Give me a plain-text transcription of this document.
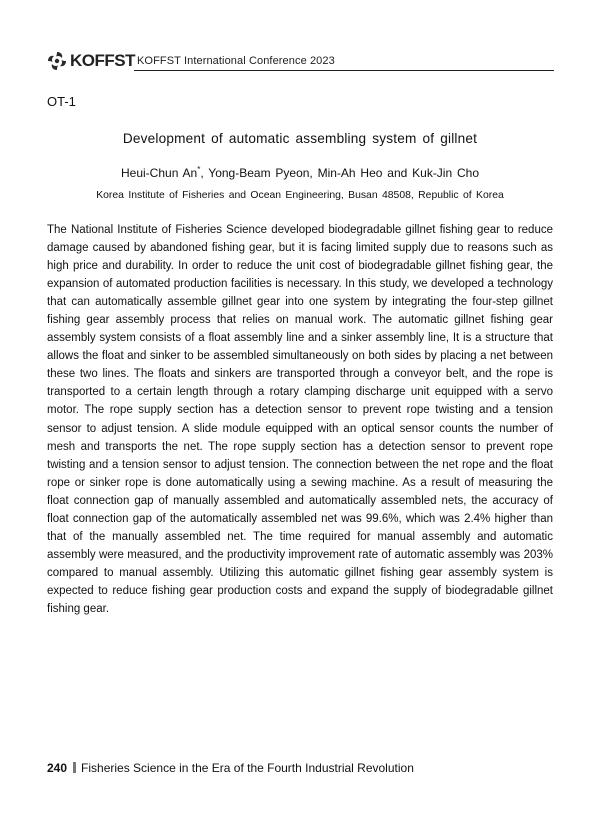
KOFFST KOFFST International Conference 2023
OT-1
Development of automatic assembling system of gillnet
Heui-Chun An*, Yong-Beam Pyeon, Min-Ah Heo and Kuk-Jin Cho
Korea Institute of Fisheries and Ocean Engineering, Busan 48508, Republic of Korea

The National Institute of Fisheries Science developed biodegradable gillnet fishing gear to reduce damage caused by abandoned fishing gear, but it is facing limited supply due to reasons such as high price and durability. In order to reduce the unit cost of biodegradable gillnet fishing gear, the expansion of automated production facilities is necessary. In this study, we developed a technology that can automatically assemble gillnet gear into one system by integrating the four-step gillnet fishing gear assembly process that relies on manual work. The automatic gillnet fishing gear assembly system consists of a float assembly line and a sinker assembly line, It is a structure that allows the float and sinker to be assembled simultaneously on both sides by placing a net between these two lines. The floats and sinkers are transported through a conveyor belt, and the rope is transported to a certain length through a rotary clamping discharge unit equipped with a servo motor. The rope supply section has a detection sensor to prevent rope twisting and a tension sensor to adjust tension. A slide module equipped with an optical sensor counts the number of mesh and transports the net. The rope supply section has a detection sensor to prevent rope twisting and a tension sensor to adjust tension. The connection between the net rope and the float rope or sinker rope is done automatically using a sewing machine. As a result of measuring the float connection gap of manually assembled and automatically assembled nets, the accuracy of float connection gap of the automatically assembled net was 99.6%, which was 2.4% higher than that of the manually assembled net. The time required for manual assembly and automatic assembly were measured, and the productivity improvement rate of automatic assembly was 203% compared to manual assembly. Utilizing this automatic gillnet fishing gear assembly system is expected to reduce fishing gear production costs and expand the supply of biodegradable gillnet fishing gear.

240 Fisheries Science in the Era of the Fourth Industrial Revolution
